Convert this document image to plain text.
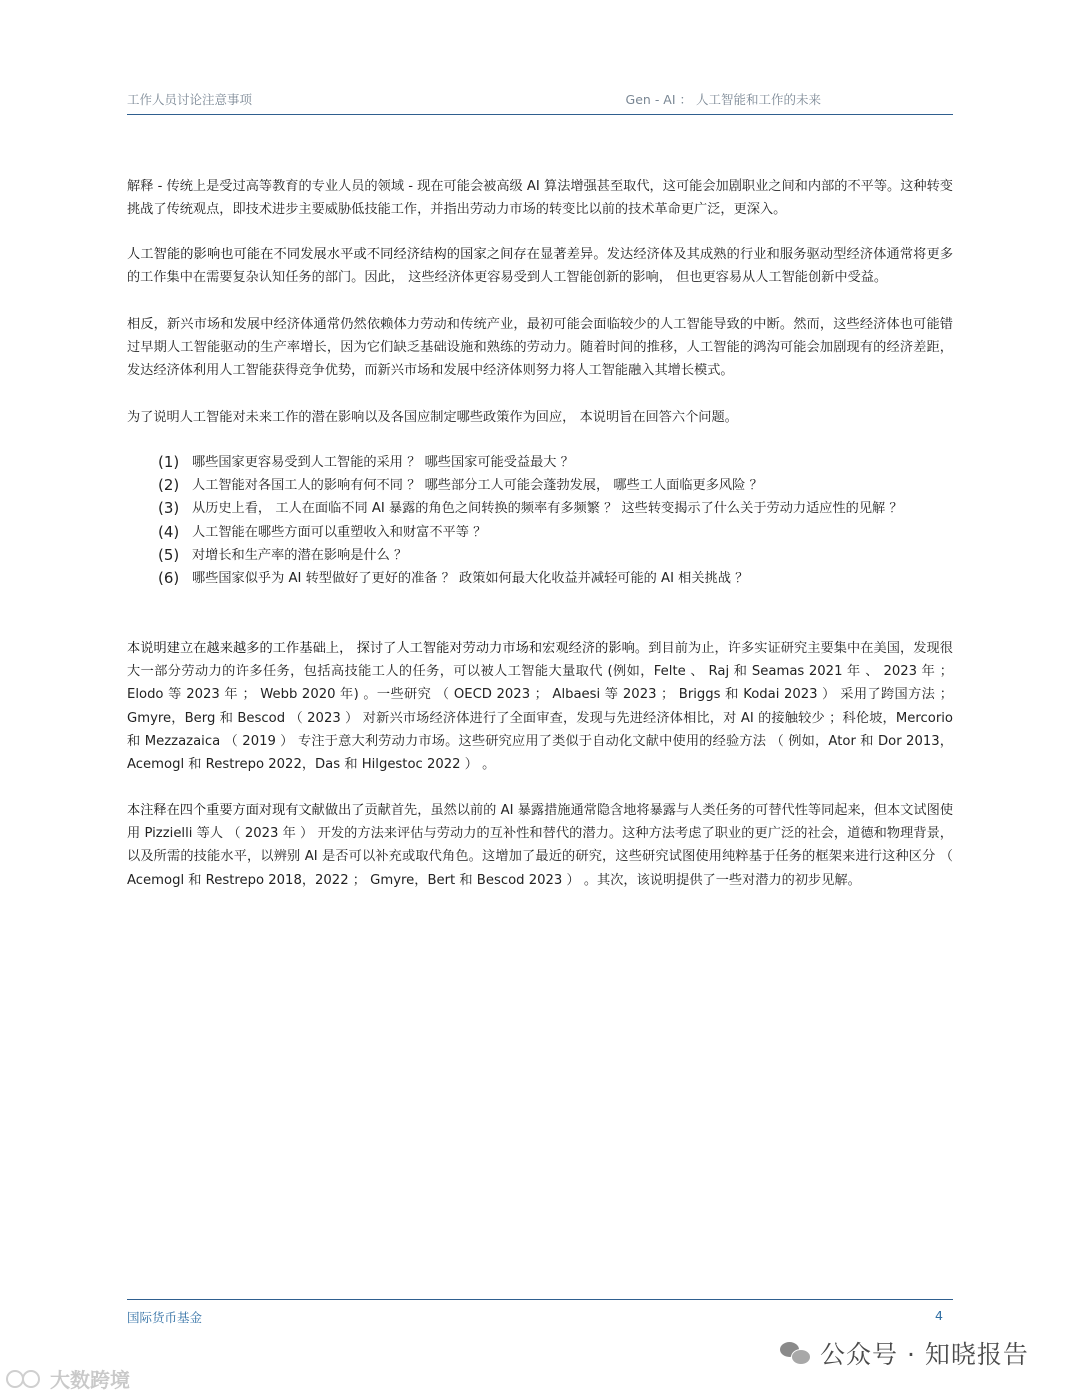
工作人员讨论注意事项	Gen - AI ： 人工智能和工作的未来

解释 - 传统上是受过高等教育的专业人员的领域 - 现在可能会被高级 AI 算法增强甚至取代，这可能会加剧职业之间和内部的不平等。这种转变挑战了传统观点，即技术进步主要威胁低技能工作，并指出劳动力市场的转变比以前的技术革命更广泛，更深入。

人工智能的影响也可能在不同发展水平或不同经济结构的国家之间存在显著差异。发达经济体及其成熟的行业和服务驱动型经济体通常将更多的工作集中在需要复杂认知任务的部门。因此， 这些经济体更容易受到人工智能创新的影响， 但也更容易从人工智能创新中受益。

相反，新兴市场和发展中经济体通常仍然依赖体力劳动和传统产业，最初可能会面临较少的人工智能导致的中断。然而，这些经济体也可能错过早期人工智能驱动的生产率增长，因为它们缺乏基础设施和熟练的劳动力。随着时间的推移，人工智能的鸿沟可能会加剧现有的经济差距，发达经济体利用人工智能获得竞争优势，而新兴市场和发展中经济体则努力将人工智能融入其增长模式。

为了说明人工智能对未来工作的潜在影响以及各国应制定哪些政策作为回应， 本说明旨在回答六个问题。

(1) 哪些国家更容易受到人工智能的采用 ？ 哪些国家可能受益最大 ？
(2) 人工智能对各国工人的影响有何不同 ？ 哪些部分工人可能会蓬勃发展， 哪些工人面临更多风险 ？
(3) 从历史上看， 工人在面临不同 AI 暴露的角色之间转换的频率有多频繁 ？ 这些转变揭示了什么关于劳动力适应性的见解 ？
(4) 人工智能在哪些方面可以重塑收入和财富不平等 ？
(5) 对增长和生产率的潜在影响是什么 ？
(6) 哪些国家似乎为 AI 转型做好了更好的准备 ？ 政策如何最大化收益并减轻可能的 AI 相关挑战 ？

本说明建立在越来越多的工作基础上， 探讨了人工智能对劳动力市场和宏观经济的影响。到目前为止，许多实证研究主要集中在美国，发现很大一部分劳动力的许多任务，包括高技能工人的任务，可以被人工智能大量取代 (例如，Felte 、 Raj 和 Seamas 2021 年 、 2023 年 ； Elodo 等 2023 年 ； Webb 2020 年) 。一些研究 （ OECD 2023 ； Albaesi 等 2023 ； Briggs 和 Kodai 2023 ） 采用了跨国方法 ； Gmyre，Berg 和 Bescod （ 2023 ） 对新兴市场经济体进行了全面审查，发现与先进经济体相比，对 AI 的接触较少 ；科伦坡，Mercorio 和 Mezzazaica （ 2019 ） 专注于意大利劳动力市场。这些研究应用了类似于自动化文献中使用的经验方法 （ 例如，Ator 和 Dor 2013，Acemogl 和 Restrepo 2022，Das 和 Hilgestoc 2022 ） 。

本注释在四个重要方面对现有文献做出了贡献首先，虽然以前的 AI 暴露措施通常隐含地将暴露与人类任务的可替代性等同起来，但本文试图使用 Pizzielli 等人 （ 2023 年 ） 开发的方法来评估与劳动力的互补性和替代的潜力。这种方法考虑了职业的更广泛的社会，道德和物理背景，以及所需的技能水平，以辨别 AI 是否可以补充或取代角色。这增加了最近的研究，这些研究试图使用纯粹基于任务的框架来进行这种区分 （ Acemogl 和 Restrepo 2018，2022 ； Gmyre，Bert 和 Bescod 2023 ） 。其次，该说明提供了一些对潜力的初步见解。

国际货币基金	4
公众号 · 知晓报告
大数跨境
